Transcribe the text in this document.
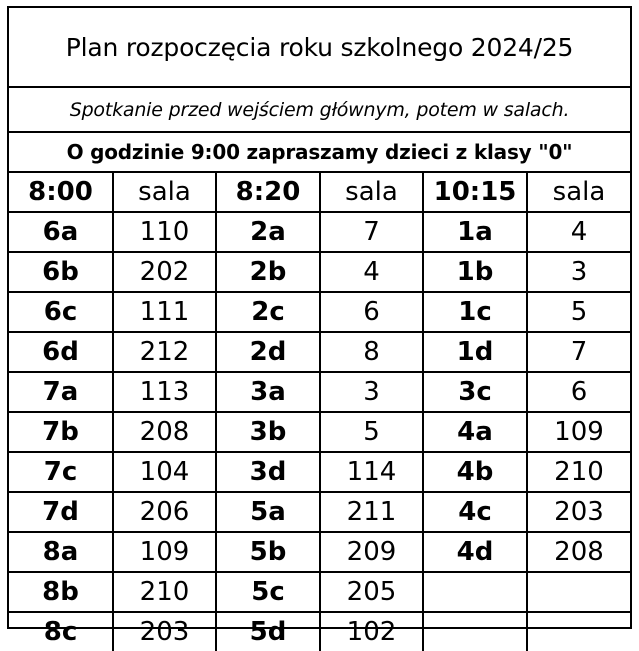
Plan rozpoczęcia roku szkolnego 2024/25
Spotkanie przed wejściem głównym, potem w salach.
O godzinie 9:00 zapraszamy dzieci z klasy "0"
8:00	sala	8:20	sala	10:15	sala
6a	110	2a	7	1a	4
6b	202	2b	4	1b	3
6c	111	2c	6	1c	5
6d	212	2d	8	1d	7
7a	113	3a	3	3c	6
7b	208	3b	5	4a	109
7c	104	3d	114	4b	210
7d	206	5a	211	4c	203
8a	109	5b	209	4d	208
8b	210	5c	205		
8c	203	5d	102		
